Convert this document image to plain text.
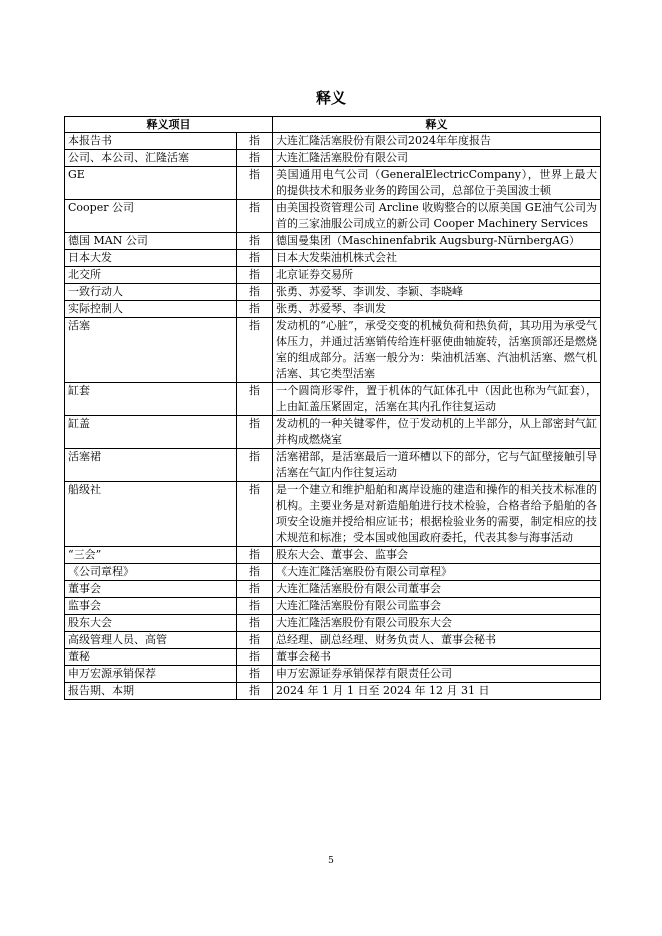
释义
释义项目		释义
本报告书	指	大连汇隆活塞股份有限公司2024年年度报告
公司、本公司、汇隆活塞	指	大连汇隆活塞股份有限公司
GE	指	美国通用电气公司（GeneralElectricCompany），世界上最大的提供技术和服务业务的跨国公司，总部位于美国波士顿
Cooper 公司	指	由美国投资管理公司 Arcline 收购整合的以原美国 GE油气公司为首的三家油服公司成立的新公司 Cooper Machinery Services
德国 MAN 公司	指	德国曼集团（Maschinenfabrik Augsburg-NürnbergAG）
日本大发	指	日本大发柴油机株式会社
北交所	指	北京证券交易所
一致行动人	指	张勇、苏爱琴、李训发、李颖、李晓峰
实际控制人	指	张勇、苏爱琴、李训发
活塞	指	发动机的“心脏”，承受交变的机械负荷和热负荷，其功用为承受气体压力，并通过活塞销传给连杆驱使曲轴旋转，活塞顶部还是燃烧室的组成部分。活塞一般分为：柴油机活塞、汽油机活塞、燃气机活塞、其它类型活塞
缸套	指	一个圆筒形零件，置于机体的气缸体孔中（因此也称为气缸套），上由缸盖压紧固定，活塞在其内孔作往复运动
缸盖	指	发动机的一种关键零件，位于发动机的上半部分，从上部密封气缸并构成燃烧室
活塞裙	指	活塞裙部，是活塞最后一道环槽以下的部分，它与气缸壁接触引导活塞在气缸内作往复运动
船级社	指	是一个建立和维护船舶和离岸设施的建造和操作的相关技术标准的机构。主要业务是对新造船舶进行技术检验，合格者给予船舶的各项安全设施并授给相应证书；根据检验业务的需要，制定相应的技术规范和标准；受本国或他国政府委托，代表其参与海事活动
“三会”	指	股东大会、董事会、监事会
《公司章程》	指	《大连汇隆活塞股份有限公司章程》
董事会	指	大连汇隆活塞股份有限公司董事会
监事会	指	大连汇隆活塞股份有限公司监事会
股东大会	指	大连汇隆活塞股份有限公司股东大会
高级管理人员、高管	指	总经理、副总经理、财务负责人、董事会秘书
董秘	指	董事会秘书
申万宏源承销保荐	指	申万宏源证券承销保荐有限责任公司
报告期、本期	指	2024 年 1 月 1 日至 2024 年 12 月 31 日
5
